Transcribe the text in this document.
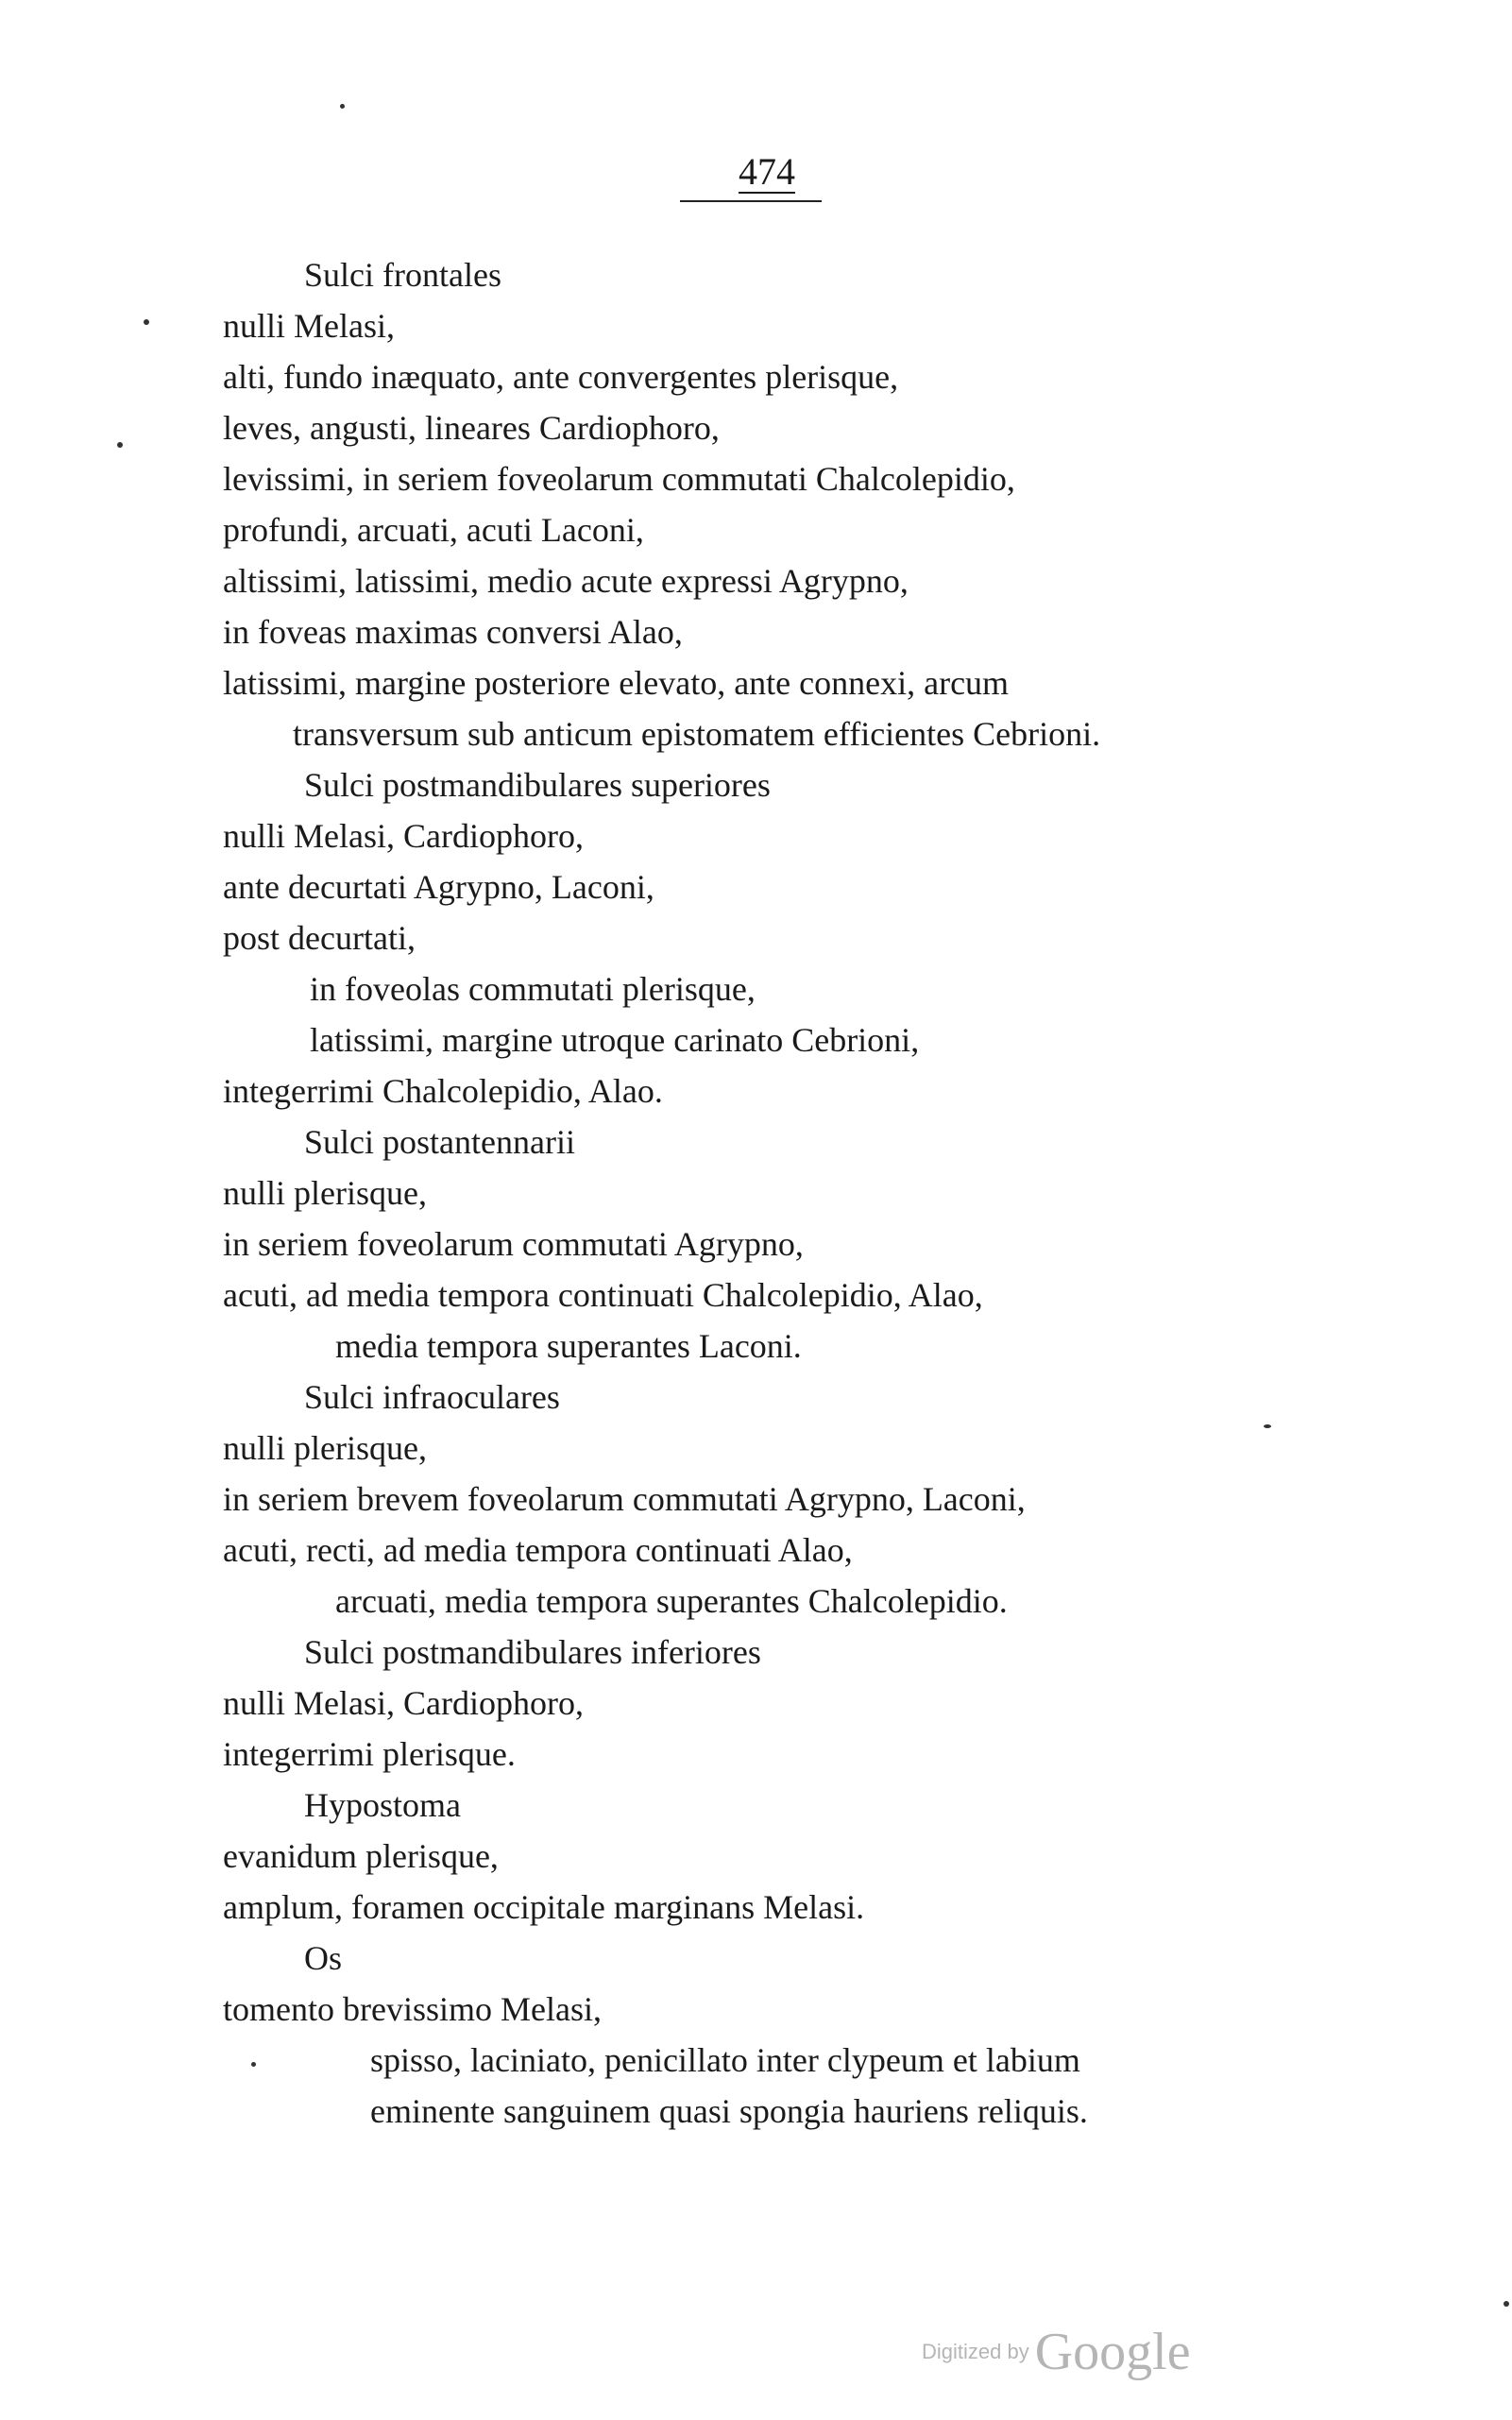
474
Sulci frontales
nulli Melasi,
alti, fundo inæquato, ante convergentes plerisque,
leves, angusti, lineares Cardiophoro,
levissimi, in seriem foveolarum commutati Chalcolepidio,
profundi, arcuati, acuti Laconi,
altissimi, latissimi, medio acute expressi Agrypno,
in foveas maximas conversi Alao,
latissimi, margine posteriore elevato, ante connexi, arcum
transversum sub anticum epistomatem efficientes Cebrioni.
Sulci postmandibulares superiores
nulli Melasi, Cardiophoro,
ante decurtati Agrypno, Laconi,
post decurtati,
in foveolas commutati plerisque,
latissimi, margine utroque carinato Cebrioni,
integerrimi Chalcolepidio, Alao.
Sulci postantennarii
nulli plerisque,
in seriem foveolarum commutati Agrypno,
acuti, ad media tempora continuati Chalcolepidio, Alao,
media tempora superantes Laconi.
Sulci infraoculares
nulli plerisque,
in seriem brevem foveolarum commutati Agrypno, Laconi,
acuti, recti, ad media tempora continuati Alao,
arcuati, media tempora superantes Chalcolepidio.
Sulci postmandibulares inferiores
nulli Melasi, Cardiophoro,
integerrimi plerisque.
Hypostoma
evanidum plerisque,
amplum, foramen occipitale marginans Melasi.
Os
tomento brevissimo Melasi,
spisso, laciniato, penicillato inter clypeum et labium
eminente sanguinem quasi spongia hauriens reliquis.
Digitized by Google
